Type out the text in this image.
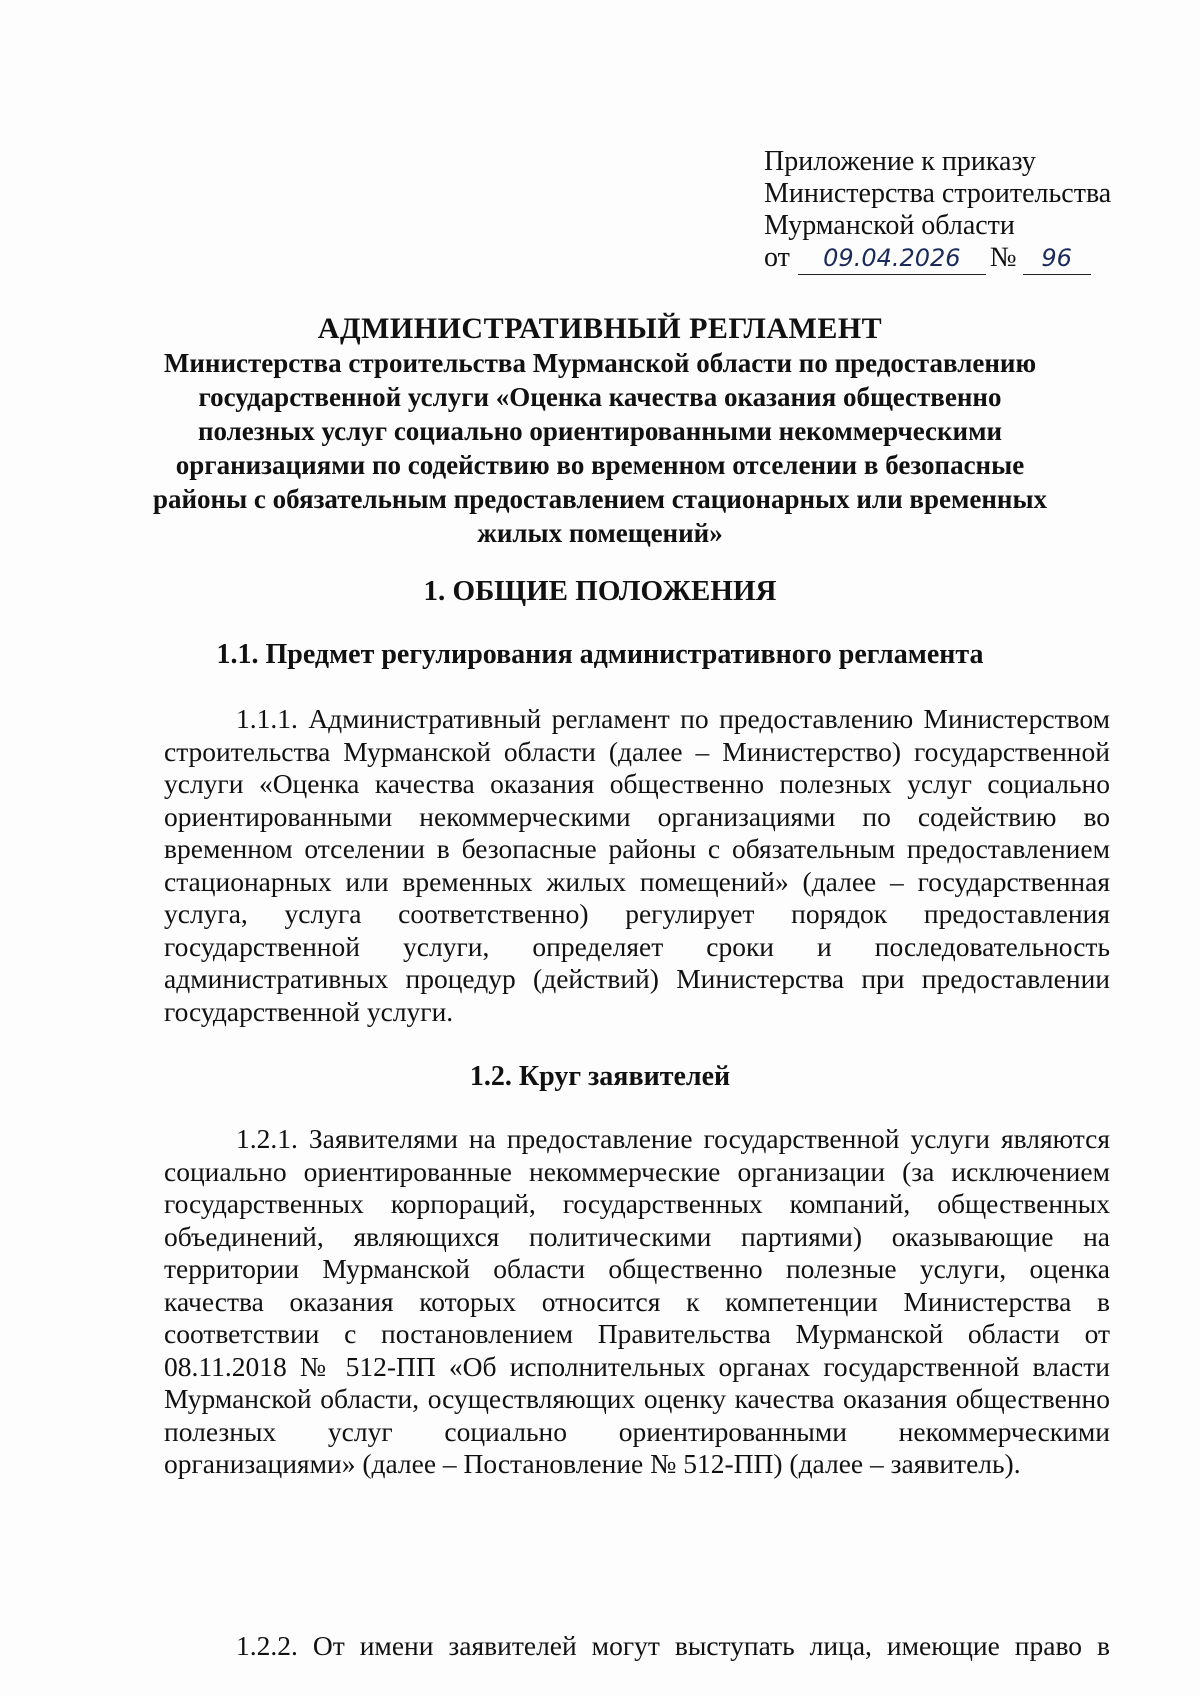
Приложение к приказу
Министерства строительства
Мурманской области
от	09.04.2026	№	96
АДМИНИСТРАТИВНЫЙ РЕГЛАМЕНТ
Министерства строительства Мурманской области по предоставлению государственной услуги «Оценка качества оказания общественно полезных услуг социально ориентированными некоммерческими организациями по содействию во временном отселении в безопасные районы с обязательным предоставлением стационарных или временных жилых помещений»
1. ОБЩИЕ ПОЛОЖЕНИЯ
1.1. Предмет регулирования административного регламента
1.1.1. Административный регламент по предоставлению Министерством строительства Мурманской области (далее – Министерство) государственной услуги «Оценка качества оказания общественно полезных услуг социально ориентированными некоммерческими организациями по содействию во временном отселении в безопасные районы с обязательным предоставлением стационарных или временных жилых помещений» (далее – государственная услуга, услуга соответственно) регулирует порядок предоставления государственной услуги, определяет сроки и последовательность административных процедур (действий) Министерства при предоставлении государственной услуги.
1.2. Круг заявителей
1.2.1. Заявителями на предоставление государственной услуги являются социально ориентированные некоммерческие организации (за исключением государственных корпораций, государственных компаний, общественных объединений, являющихся политическими партиями) оказывающие на территории Мурманской области общественно полезные услуги, оценка качества оказания которых относится к компетенции Министерства в соответствии с постановлением Правительства Мурманской области от 08.11.2018 № 512-ПП «Об исполнительных органах государственной власти Мурманской области, осуществляющих оценку качества оказания общественно полезных услуг социально ориентированными некоммерческими организациями» (далее – Постановление № 512-ПП) (далее – заявитель).
1.2.2. От имени заявителей могут выступать лица, имеющие право в
